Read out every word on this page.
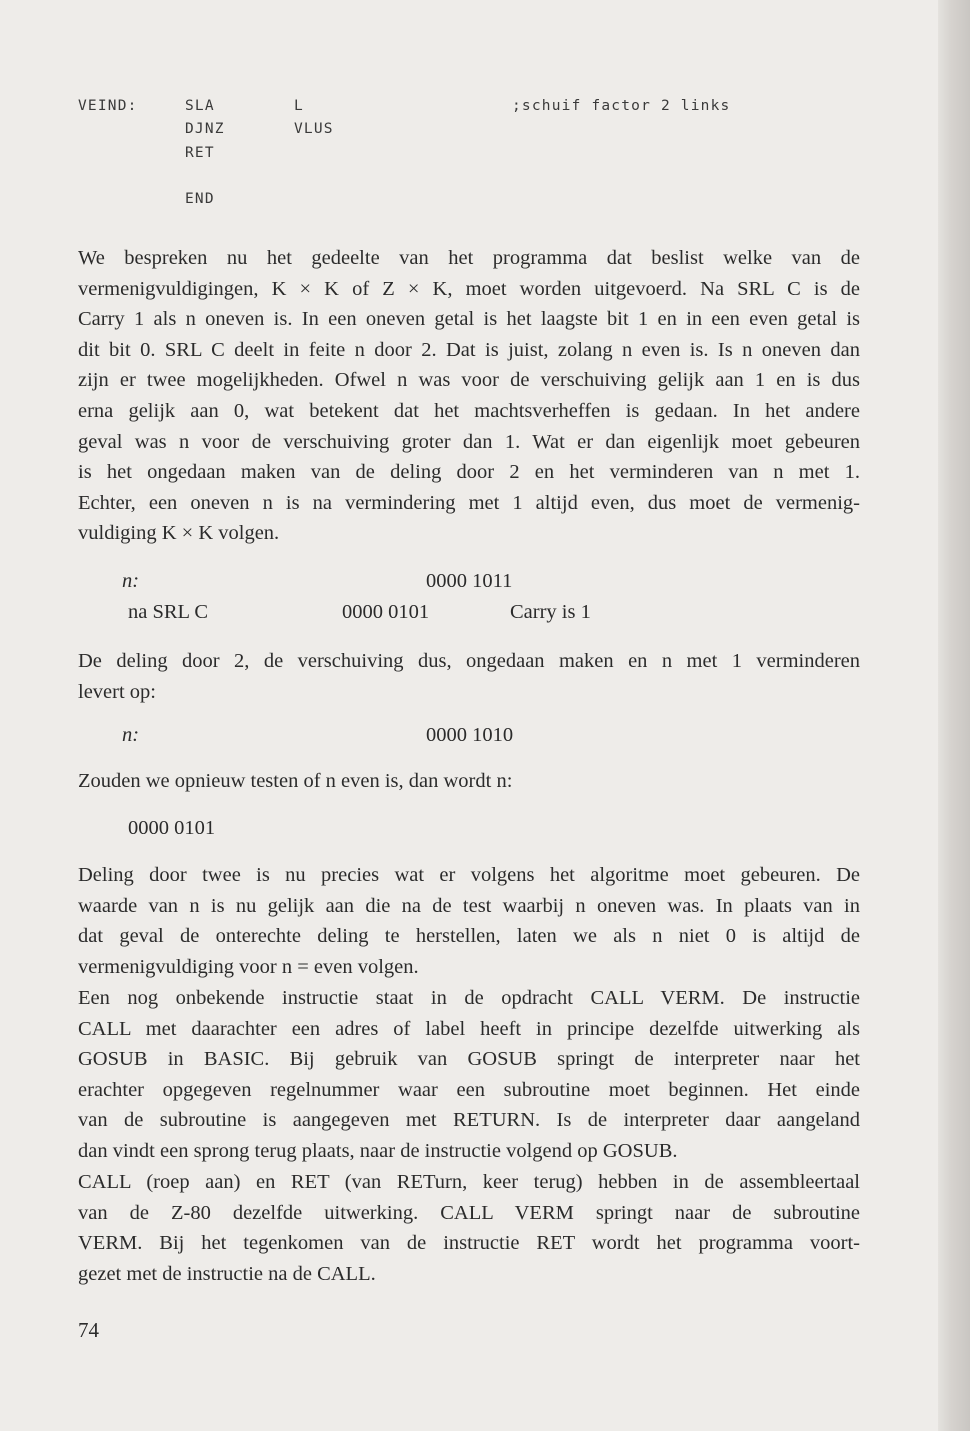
VEIND:	SLA	L	;schuif factor 2 links
DJNZ	VLUS
RET
END
We bespreken nu het gedeelte van het programma dat beslist welke van de
vermenigvuldigingen, K × K of Z × K, moet worden uitgevoerd. Na SRL C is de
Carry 1 als n oneven is. In een oneven getal is het laagste bit 1 en in een even getal is
dit bit 0. SRL C deelt in feite n door 2. Dat is juist, zolang n even is. Is n oneven dan
zijn er twee mogelijkheden. Ofwel n was voor de verschuiving gelijk aan 1 en is dus
erna gelijk aan 0, wat betekent dat het machtsverheffen is gedaan. In het andere
geval was n voor de verschuiving groter dan 1. Wat er dan eigenlijk moet gebeuren
is het ongedaan maken van de deling door 2 en het verminderen van n met 1.
Echter, een oneven n is na vermindering met 1 altijd even, dus moet de vermenig-
vuldiging K × K volgen.
n:	0000 1011
na SRL C	0000 0101	Carry is 1
De deling door 2, de verschuiving dus, ongedaan maken en n met 1 verminderen
levert op:
n:	0000 1010
Zouden we opnieuw testen of n even is, dan wordt n:
0000 0101
Deling door twee is nu precies wat er volgens het algoritme moet gebeuren. De
waarde van n is nu gelijk aan die na de test waarbij n oneven was. In plaats van in
dat geval de onterechte deling te herstellen, laten we als n niet 0 is altijd de
vermenigvuldiging voor n = even volgen.
Een nog onbekende instructie staat in de opdracht CALL VERM. De instructie
CALL met daarachter een adres of label heeft in principe dezelfde uitwerking als
GOSUB in BASIC. Bij gebruik van GOSUB springt de interpreter naar het
erachter opgegeven regelnummer waar een subroutine moet beginnen. Het einde
van de subroutine is aangegeven met RETURN. Is de interpreter daar aangeland
dan vindt een sprong terug plaats, naar de instructie volgend op GOSUB.
CALL (roep aan) en RET (van RETurn, keer terug) hebben in de assembleertaal
van de Z-80 dezelfde uitwerking. CALL VERM springt naar de subroutine
VERM. Bij het tegenkomen van de instructie RET wordt het programma voort-
gezet met de instructie na de CALL.
74
